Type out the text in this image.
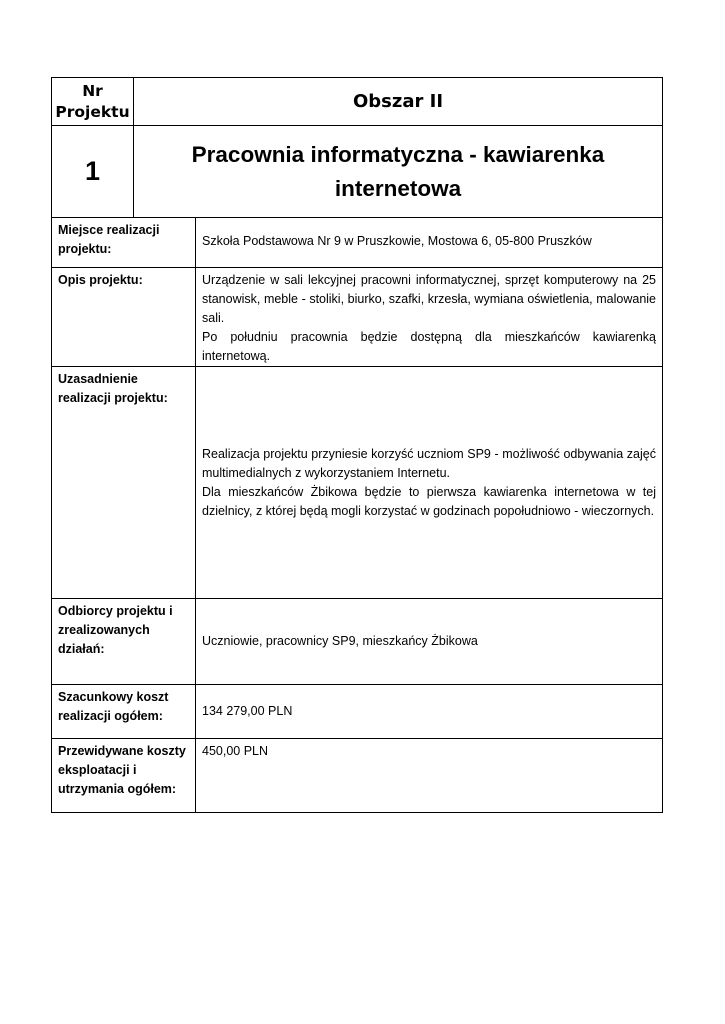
Nr
Projektu	Obszar II
1	Pracownia informatyczna - kawiarenka
internetowa
Miejsce realizacji projektu:	Szkoła Podstawowa Nr 9 w Pruszkowie, Mostowa 6, 05-800 Pruszków
Opis projektu:	Urządzenie w sali lekcyjnej pracowni informatycznej, sprzęt komputerowy na 25 stanowisk, meble - stoliki, biurko, szafki, krzesła, wymiana oświetlenia, malowanie sali.
Po południu pracownia będzie dostępną dla mieszkańców kawiarenką internetową.

Uzasadnienie realizacji projektu:	Realizacja projektu przyniesie korzyść uczniom SP9 - możliwość odbywania zajęć multimedialnych z wykorzystaniem Internetu.
Dla mieszkańców Żbikowa będzie to pierwsza kawiarenka internetowa w tej dzielnicy, z której będą mogli korzystać w godzinach popołudniowo - wieczornych.

Odbiorcy projektu i zrealizowanych działań:	Uczniowie, pracownicy SP9, mieszkańcy Żbikowa
Szacunkowy koszt realizacji ogółem:	134 279,00 PLN
Przewidywane koszty eksploatacji i utrzymania ogółem:	450,00 PLN
